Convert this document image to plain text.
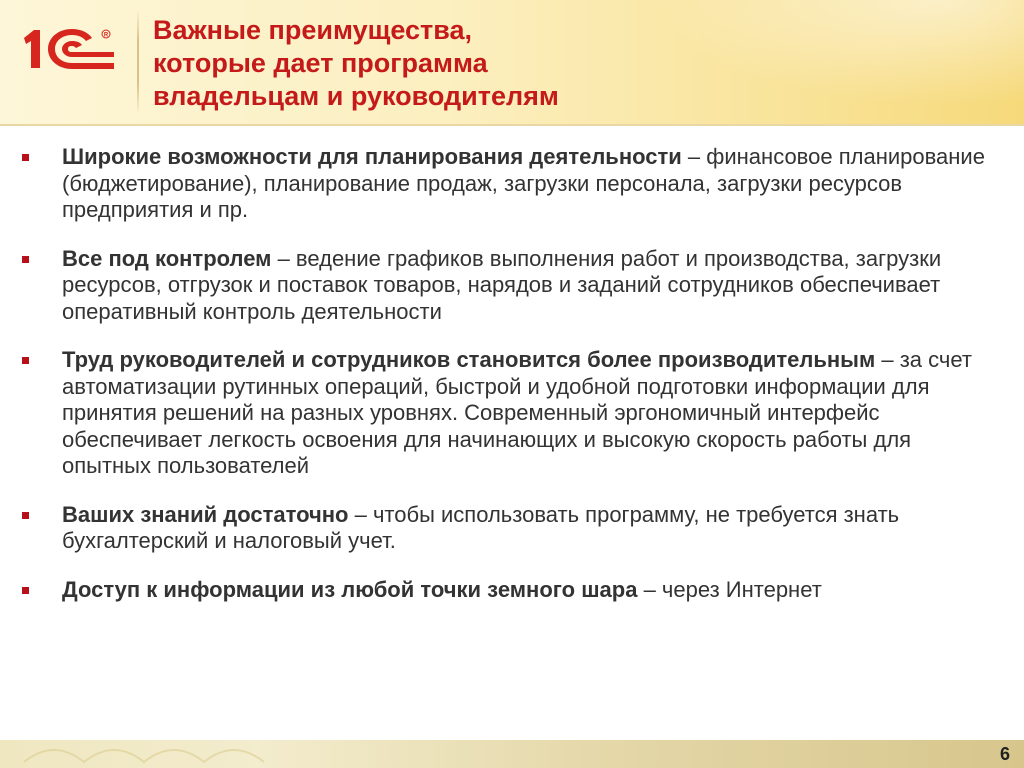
R Важные преимущества,
которые дает программа
владельцам и руководителям
Широкие возможности для планирования деятельности – финансовое планирование (бюджетирование), планирование продаж, загрузки персонала, загрузки ресурсов предприятия и пр.
Все под контролем – ведение графиков выполнения работ и производства, загрузки ресурсов, отгрузок и поставок товаров, нарядов и заданий сотрудников обеспечивает оперативный контроль деятельности
Труд руководителей и сотрудников становится более производительным – за счет автоматизации рутинных операций, быстрой и удобной подготовки информации для принятия решений на разных уровнях. Современный эргономичный интерфейс обеспечивает легкость освоения для начинающих и высокую скорость работы для опытных пользователей
Ваших знаний достаточно – чтобы использовать программу, не требуется знать бухгалтерский и налоговый учет.
Доступ к информации из любой точки земного шара – через Интернет
6
